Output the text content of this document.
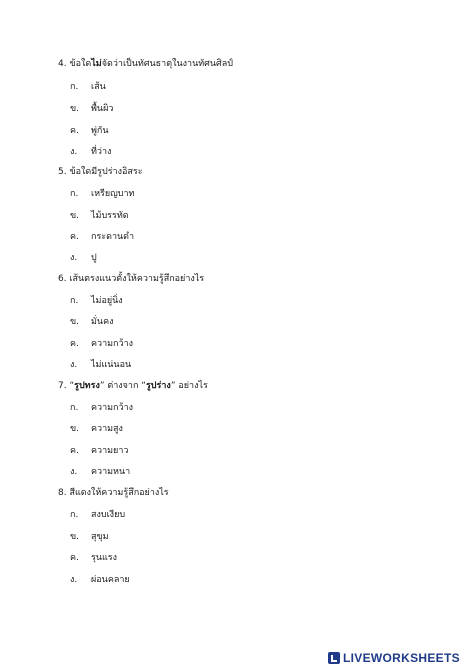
4. ข้อใดไม่จัดว่าเป็นทัศนธาตุในงานทัศนศิลป์
ก. เส้น
ข. พื้นผิว
ค. พู่กัน
ง. ที่ว่าง
5. ข้อใดมีรูปร่างอิสระ
ก. เหรียญบาท
ข. ไม้บรรทัด
ค. กระดานดำ
ง. ปู
6. เส้นตรงแนวตั้งให้ความรู้สึกอย่างไร
ก. ไม่อยู่นิ่ง
ข. มั่นคง
ค. ความกว้าง
ง. ไม่แน่นอน
7. “รูปทรง” ต่างจาก “รูปร่าง” อย่างไร
ก. ความกว้าง
ข. ความสูง
ค. ความยาว
ง. ความหนา
8. สีแดงให้ความรู้สึกอย่างไร
ก. สงบเงียบ
ข. สุขุม
ค. รุนแรง
ง. ผ่อนคลาย
LIVEWORKSHEETS
